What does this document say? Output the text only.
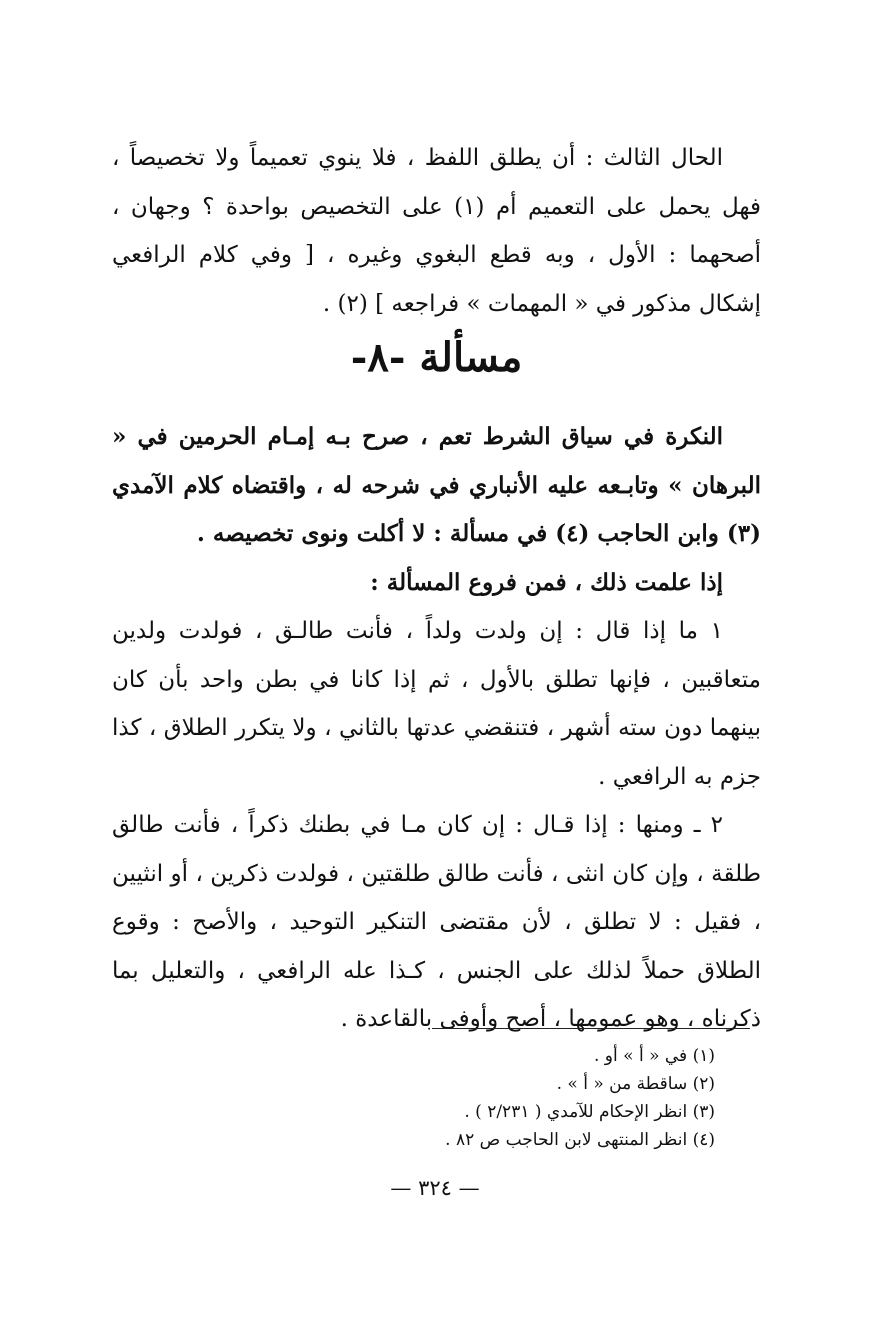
الحال الثالث : أن يطلق اللفظ ، فلا ينوي تعميماً ولا تخصيصاً ، فهل يحمل على التعميم أم (١) على التخصيص بواحدة ؟ وجهان ، أصحهما : الأول ، وبه قطع البغوي وغيره ، [ وفي كلام الرافعي إشكال مذكور في « المهمات » فراجعه ] (٢) .

مسألة -٨-

النكرة في سياق الشرط تعم ، صرح بـه إمـام الحرمين في « البرهان » وتابـعه عليه الأنباري في شرحه له ، واقتضاه كلام الآمدي (٣) وابن الحاجب (٤) في مسألة : لا أكلت ونوى تخصيصه .

إذا علمت ذلك ، فمن فروع المسألة :

١ ما إذا قال : إن ولدت ولداً ، فأنت طالـق ، فولدت ولدين متعاقبين ، فإنها تطلق بالأول ، ثم إذا كانا في بطن واحد بأن كان بينهما دون سته أشهر ، فتنقضي عدتها بالثاني ، ولا يتكرر الطلاق ، كذا جزم به الرافعي .

٢ ـ ومنها : إذا قـال : إن كان مـا في بطنك ذكراً ، فأنت طالق طلقة ، وإن كان انثى ، فأنت طالق طلقتين ، فولدت ذكرين ، أو انثيين ، فقيل : لا تطلق ، لأن مقتضى التنكير التوحيد ، والأصح : وقوع الطلاق حملاً لذلك على الجنس ، كـذا عله الرافعي ، والتعليل بما ذكرناه ، وهو عمومها ، أصح وأوفى بالقاعدة .

(١) في « أ » أو .
(٢) ساقطة من « أ » .
(٣) انظر الإحكام للآمدي ( ٢/٢٣١ ) .
(٤) انظر المنتهى لابن الحاجب ص ٨٢ .
— ٣٢٤ —
